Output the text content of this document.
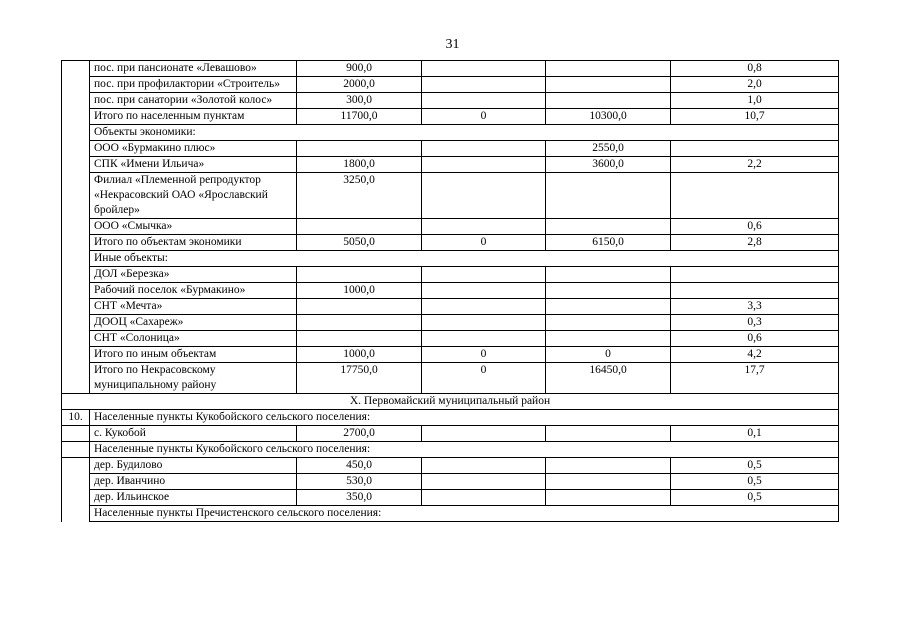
31
	пос. при пансионате «Левашово»	900,0			0,8
	пос. при профилактории «Строитель»	2000,0			2,0
	пос. при санатории «Золотой колос»	300,0			1,0
	Итого по населенным пунктам	11700,0	0	10300,0	10,7
	Объекты экономики:				
	ООО «Бурмакино плюс»			2550,0	
	СПК «Имени Ильича»	1800,0		3600,0	2,2
	Филиал «Племенной репродуктор «Некрасовский ОАО «Ярославский бройлер»	3250,0			
	ООО «Смычка»				0,6
	Итого по объектам экономики	5050,0	0	6150,0	2,8
	Иные объекты:				
	ДОЛ «Березка»				
	Рабочий поселок «Бурмакино»	1000,0			
	СНТ «Мечта»				3,3
	ДООЦ «Сахареж»				0,3
	СНТ «Солоница»				0,6
	Итого по иным объектам	1000,0	0	0	4,2
	Итого по Некрасовскому муниципальному району	17750,0	0	16450,0	17,7
X. Первомайский муниципальный район					
10.	Населенные пункты Кукобойского сельского поселения:				
	с. Кукобой	2700,0			0,1
	Населенные пункты Кукобойского сельского поселения:				
	дер. Будилово	450,0			0,5
	дер. Иванчино	530,0			0,5
	дер. Ильинское	350,0			0,5
	Населенные пункты Пречистенского сельского поселения:				
